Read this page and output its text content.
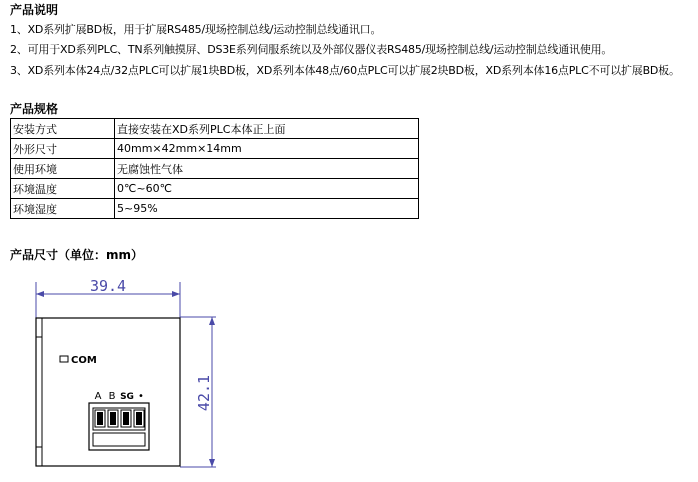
产品说明
1、XD系列扩展BD板，用于扩展RS485/现场控制总线/运动控制总线通讯口。
2、可用于XD系列PLC、TN系列触摸屏、DS3E系列伺服系统以及外部仪器仪表RS485/现场控制总线/运动控制总线通讯使用。
3、XD系列本体24点/32点PLC可以扩展1块BD板，XD系列本体48点/60点PLC可以扩展2块BD板，XD系列本体16点PLC不可以扩展BD板。
产品规格
安装方式	直接安装在XD系列PLC本体正上面
外形尺寸	40mm×42mm×14mm
使用环境	无腐蚀性气体
环境温度	0℃~60℃
环境湿度	5~95%
产品尺寸（单位：mm）
39.4
42.1
COM
A B SG •
